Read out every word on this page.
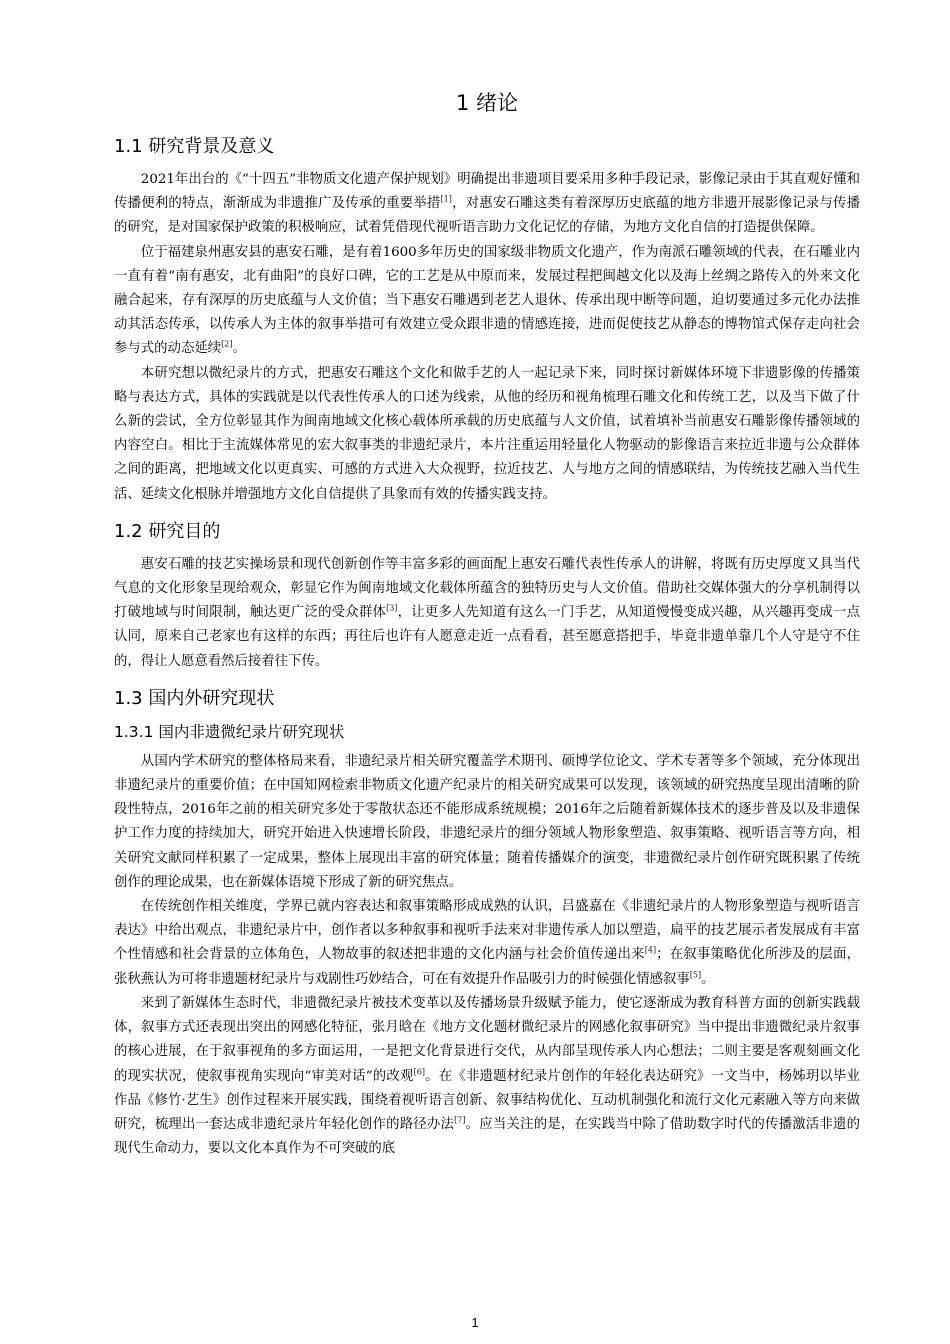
1 绪论
1.1 研究背景及意义

2021年出台的《“十四五”非物质文化遗产保护规划》明确提出非遗项目要采用多种手段记录，影像记录由于其直观好懂和传播便利的特点，渐渐成为非遗推广及传承的重要举措[1]，对惠安石雕这类有着深厚历史底蕴的地方非遗开展影像记录与传播的研究，是对国家保护政策的积极响应，试着凭借现代视听语言助力文化记忆的存储，为地方文化自信的打造提供保障。

位于福建泉州惠安县的惠安石雕，是有着1600多年历史的国家级非物质文化遗产，作为南派石雕领域的代表，在石雕业内一直有着“南有惠安，北有曲阳”的良好口碑，它的工艺是从中原而来，发展过程把闽越文化以及海上丝绸之路传入的外来文化融合起来，存有深厚的历史底蕴与人文价值；当下惠安石雕遇到老艺人退休、传承出现中断等问题，迫切要通过多元化办法推动其活态传承，以传承人为主体的叙事举措可有效建立受众跟非遗的情感连接，进而促使技艺从静态的博物馆式保存走向社会参与式的动态延续[2]。

本研究想以微纪录片的方式，把惠安石雕这个文化和做手艺的人一起记录下来，同时探讨新媒体环境下非遗影像的传播策略与表达方式，具体的实践就是以代表性传承人的口述为线索，从他的经历和视角梳理石雕文化和传统工艺，以及当下做了什么新的尝试，全方位彰显其作为闽南地域文化核心载体所承载的历史底蕴与人文价值，试着填补当前惠安石雕影像传播领域的内容空白。相比于主流媒体常见的宏大叙事类的非遗纪录片，本片注重运用轻量化人物驱动的影像语言来拉近非遗与公众群体之间的距离，把地域文化以更真实、可感的方式进入大众视野，拉近技艺、人与地方之间的情感联结，为传统技艺融入当代生活、延续文化根脉并增强地方文化自信提供了具象而有效的传播实践支持。

1.2 研究目的

惠安石雕的技艺实操场景和现代创新创作等丰富多彩的画面配上惠安石雕代表性传承人的讲解，将既有历史厚度又具当代气息的文化形象呈现给观众，彰显它作为闽南地域文化载体所蕴含的独特历史与人文价值。借助社交媒体强大的分享机制得以打破地域与时间限制，触达更广泛的受众群体[3]，让更多人先知道有这么一门手艺，从知道慢慢变成兴趣，从兴趣再变成一点认同，原来自己老家也有这样的东西；再往后也许有人愿意走近一点看看，甚至愿意搭把手，毕竟非遗单靠几个人守是守不住的，得让人愿意看然后接着往下传。

1.3 国内外研究现状
1.3.1 国内非遗微纪录片研究现状

从国内学术研究的整体格局来看，非遗纪录片相关研究覆盖学术期刊、硕博学位论文、学术专著等多个领域，充分体现出非遗纪录片的重要价值；在中国知网检索非物质文化遗产纪录片的相关研究成果可以发现，该领域的研究热度呈现出清晰的阶段性特点，2016年之前的相关研究多处于零散状态还不能形成系统规模；2016年之后随着新媒体技术的逐步普及以及非遗保护工作力度的持续加大，研究开始进入快速增长阶段，非遗纪录片的细分领域人物形象塑造、叙事策略、视听语言等方向，相关研究文献同样积累了一定成果，整体上展现出丰富的研究体量；随着传播媒介的演变，非遗微纪录片创作研究既积累了传统创作的理论成果，也在新媒体语境下形成了新的研究焦点。

在传统创作相关维度，学界已就内容表达和叙事策略形成成熟的认识，吕盛嘉在《非遗纪录片的人物形象塑造与视听语言表达》中给出观点，非遗纪录片中，创作者以多种叙事和视听手法来对非遗传承人加以塑造，扁平的技艺展示者发展成有丰富个性情感和社会背景的立体角色，人物故事的叙述把非遗的文化内涵与社会价值传递出来[4]；在叙事策略优化所涉及的层面，张秋燕认为可将非遗题材纪录片与戏剧性巧妙结合，可在有效提升作品吸引力的时候强化情感叙事[5]。

来到了新媒体生态时代，非遗微纪录片被技术变革以及传播场景升级赋予能力，使它逐渐成为教育科普方面的创新实践载体，叙事方式还表现出突出的网感化特征，张月晗在《地方文化题材微纪录片的网感化叙事研究》当中提出非遗微纪录片叙事的核心进展，在于叙事视角的多方面运用，一是把文化背景进行交代，从内部呈现传承人内心想法；二则主要是客观刻画文化的现实状况，使叙事视角实现向“审美对话”的改观[6]。在《非遗题材纪录片创作的年轻化表达研究》一文当中，杨姊玥以毕业作品《修竹·艺生》创作过程来开展实践，围绕着视听语言创新、叙事结构优化、互动机制强化和流行文化元素融入等方向来做研究，梳理出一套达成非遗纪录片年轻化创作的路径办法[7]。应当关注的是，在实践当中除了借助数字时代的传播激活非遗的现代生命动力，要以文化本真作为不可突破的底

1
